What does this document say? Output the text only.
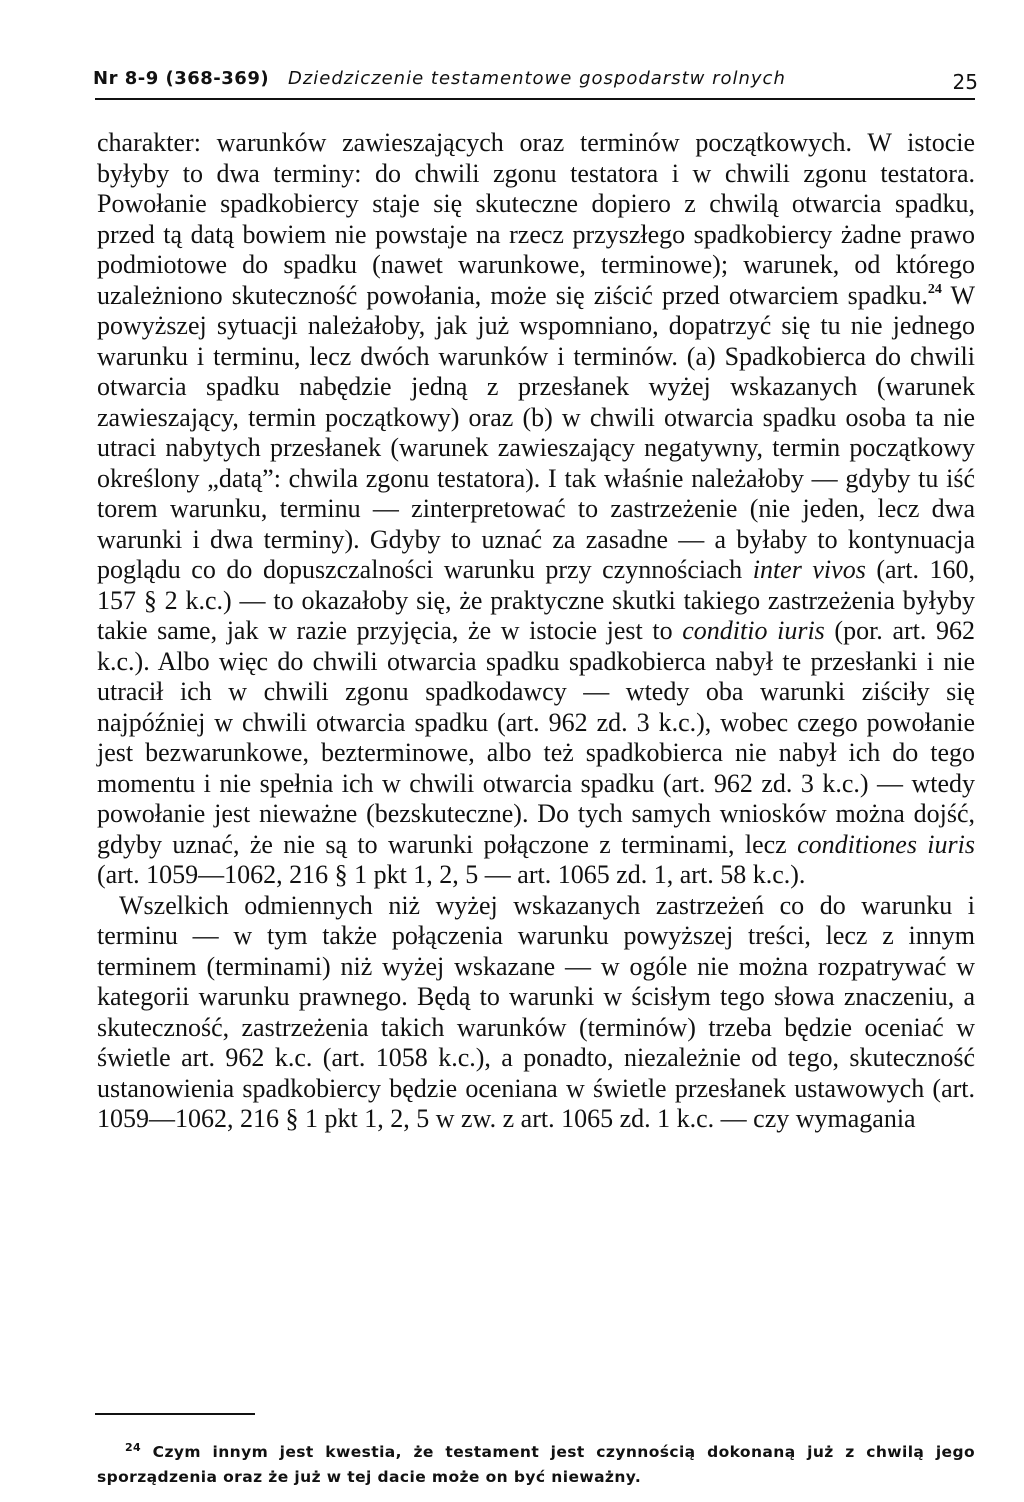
Nr 8-9 (368-369) Dziedziczenie testamentowe gospodarstw rolnych	25

charakter: warunków zawieszających oraz terminów początkowych. W istocie byłyby to dwa terminy: do chwili zgonu testatora i w chwili zgonu testatora. Powołanie spadkobiercy staje się skuteczne dopiero z chwilą otwarcia spadku, przed tą datą bowiem nie powstaje na rzecz przyszłego spadkobiercy żadne prawo podmiotowe do spadku (nawet warunkowe, terminowe); warunek, od którego uzależniono skuteczność powołania, może się ziścić przed otwarciem spadku.$^{24}$ W powyższej sytuacji należałoby, jak już wspomniano, dopatrzyć się tu nie jednego warunku i terminu, lecz dwóch warunków i terminów. (a) Spadkobierca do chwili otwarcia spadku nabędzie jedną z przesłanek wyżej wskazanych (warunek zawieszający, termin początkowy) oraz (b) w chwili otwarcia spadku osoba ta nie utraci nabytych przesłanek (warunek zawieszający negatywny, termin początkowy określony „datą”: chwila zgonu testatora). I tak właśnie należałoby — gdyby tu iść torem warunku, terminu — zinterpretować to zastrzeżenie (nie jeden, lecz dwa warunki i dwa terminy). Gdyby to uznać za zasadne — a byłaby to kontynuacja poglądu co do dopuszczalności warunku przy czynnościach inter vivos (art. 160, 157 § 2 k.c.) — to okazałoby się, że praktyczne skutki takiego zastrzeżenia byłyby takie same, jak w razie przyjęcia, że w istocie jest to conditio iuris (por. art. 962 k.c.). Albo więc do chwili otwarcia spadku spadkobierca nabył te przesłanki i nie utracił ich w chwili zgonu spadkodawcy — wtedy oba warunki ziściły się najpóźniej w chwili otwarcia spadku (art. 962 zd. 3 k.c.), wobec czego powołanie jest bezwarunkowe, bezterminowe, albo też spadkobierca nie nabył ich do tego momentu i nie spełnia ich w chwili otwarcia spadku (art. 962 zd. 3 k.c.) — wtedy powołanie jest nieważne (bezskuteczne). Do tych samych wniosków można dojść, gdyby uznać, że nie są to warunki połączone z terminami, lecz conditiones iuris (art. 1059—1062, 216 § 1 pkt 1, 2, 5 — art. 1065 zd. 1, art. 58 k.c.).

Wszelkich odmiennych niż wyżej wskazanych zastrzeżeń co do warunku i terminu — w tym także połączenia warunku powyższej treści, lecz z innym terminem (terminami) niż wyżej wskazane — w ogóle nie można rozpatrywać w kategorii warunku prawnego. Będą to warunki w ścisłym tego słowa znaczeniu, a skuteczność, zastrzeżenia takich warunków (terminów) trzeba będzie oceniać w świetle art. 962 k.c. (art. 1058 k.c.), a ponadto, niezależnie od tego, skuteczność ustanowienia spadkobiercy będzie oceniana w świetle przesłanek ustawowych (art. 1059—1062, 216 § 1 pkt 1, 2, 5 w zw. z art. 1065 zd. 1 k.c. — czy wymagania

$^{24}$ Czym innym jest kwestia, że testament jest czynnością dokonaną już z chwilą jego sporządzenia oraz że już w tej dacie może on być nieważny.
